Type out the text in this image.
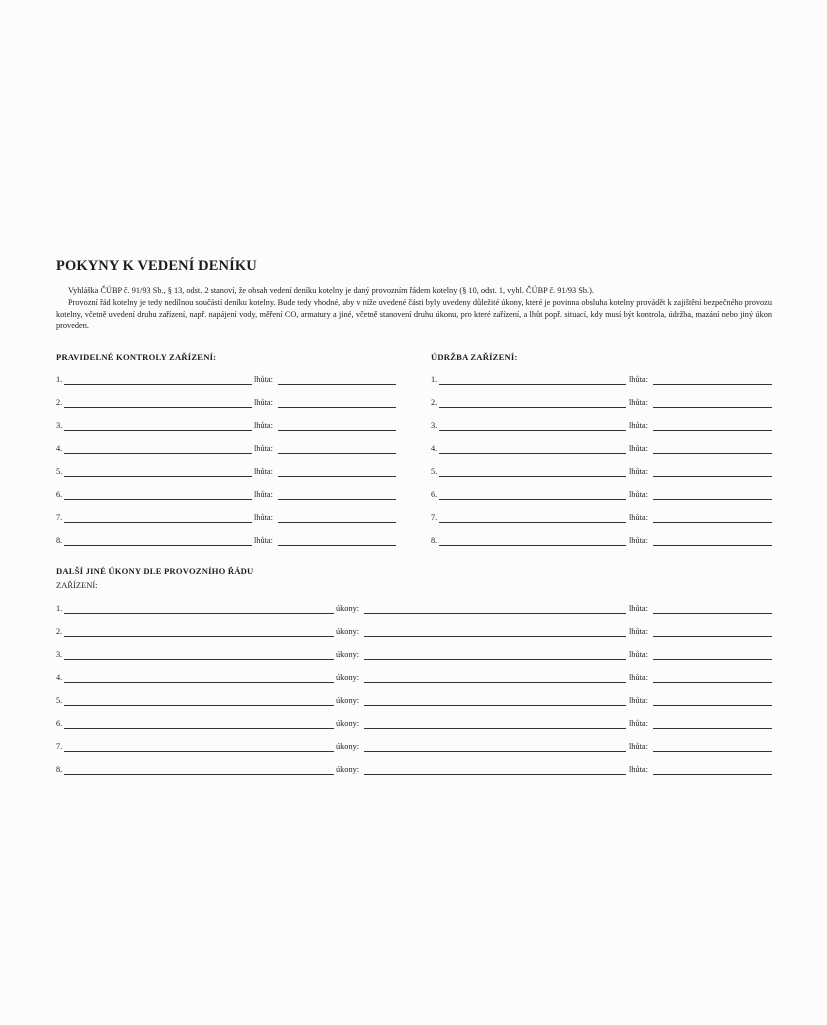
POKYNY K VEDENÍ DENÍKU

Vyhláška ČÚBP č. 91/93 Sb., § 13, odst. 2 stanoví, že obsah vedení deníku kotelny je daný provozním řádem kotelny (§ 10, odst. 1, vyhl. ČÚBP č. 91/93 Sb.).

Provozní řád kotelny je tedy nedílnou součástí deníku kotelny. Bude tedy vhodné, aby v níže uvedené části byly uvedeny důležité úkony, které je povinna obsluha kotelny provádět k zajištění bezpečného provozu kotelny, včetně uvedení druhu zařízení, např. napájení vody, měření CO, armatury a jiné, včetně stanovení druhu úkonu, pro které zařízení, a lhůt popř. situací, kdy musí být kontrola, údržba, mazání nebo jiný úkon proveden.

PRAVIDELNÉ KONTROLY ZAŘÍZENÍ:	ÚDRŽBA ZAŘÍZENÍ:
1.	lhůta:
2.	lhůta:
3.	lhůta:
4.	lhůta:
5.	lhůta:
6.	lhůta:
7.	lhůta:
8.	lhůta:
1.	lhůta:
2.	lhůta:
3.	lhůta:
4.	lhůta:
5.	lhůta:
6.	lhůta:
7.	lhůta:
8.	lhůta:
DALŠÍ JINÉ ÚKONY DLE PROVOZNÍHO ŘÁDU
ZAŘÍZENÍ:
1.	úkony:	lhůta:
2.	úkony:	lhůta:
3.	úkony:	lhůta:
4.	úkony:	lhůta:
5.	úkony:	lhůta:
6.	úkony:	lhůta:
7.	úkony:	lhůta:
8.	úkony:	lhůta:
